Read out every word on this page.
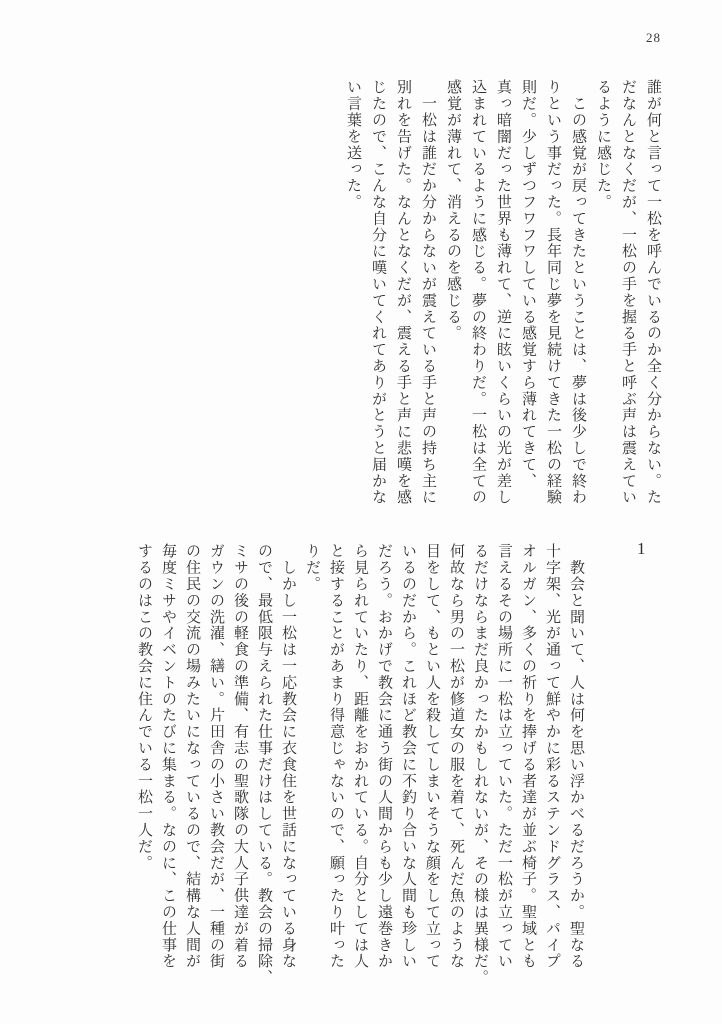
28
1
誰が何と言って一松を呼んでいるのか全く分からない。た
だなんとなくだが、一松の手を握る手と呼ぶ声は震えてい
るように感じた。
　この感覚が戻ってきたということは、夢は後少しで終わ
りという事だった。長年同じ夢を見続けてきた一松の経験
則だ。少しずつフワフワしている感覚すら薄れてきて、
真っ暗闇だった世界も薄れて、逆に眩いくらいの光が差し
込まれているように感じる。夢の終わりだ。一松は全ての
感覚が薄れて、消えるのを感じる。
　一松は誰だか分からないが震えている手と声の持ち主に
別れを告げた。なんとなくだが、震える手と声に悲嘆を感
じたので、こんな自分に嘆いてくれてありがとうと届かな
い言葉を送った。
　教会と聞いて、人は何を思い浮かべるだろうか。聖なる
十字架、光が通って鮮やかに彩るステンドグラス、パイプ
オルガン、多くの祈りを捧げる者達が並ぶ椅子。聖域とも
言えるその場所に一松は立っていた。ただ一松が立ってい
るだけならまだ良かったかもしれないが、その様は異様だ。
何故なら男の一松が修道女の服を着て、死んだ魚のような
目をして、もとい人を殺してしまいそうな顔をして立って
いるのだから。これほど教会に不釣り合いな人間も珍しい
だろう。おかげで教会に通う街の人間からも少し遠巻きか
ら見られていたり、距離をおかれている。自分としては人
と接することがあまり得意じゃないので、願ったり叶った
りだ。
　しかし一松は一応教会に衣食住を世話になっている身な
ので、最低限与えられた仕事だけはしている。教会の掃除、
ミサの後の軽食の準備、有志の聖歌隊の大人子供達が着る
ガウンの洗濯、繕い。片田舎の小さい教会だが、一種の街
の住民の交流の場みたいになっているので、結構な人間が
毎度ミサやイベントのたびに集まる。なのに、この仕事を
するのはこの教会に住んでいる一松一人だ。
